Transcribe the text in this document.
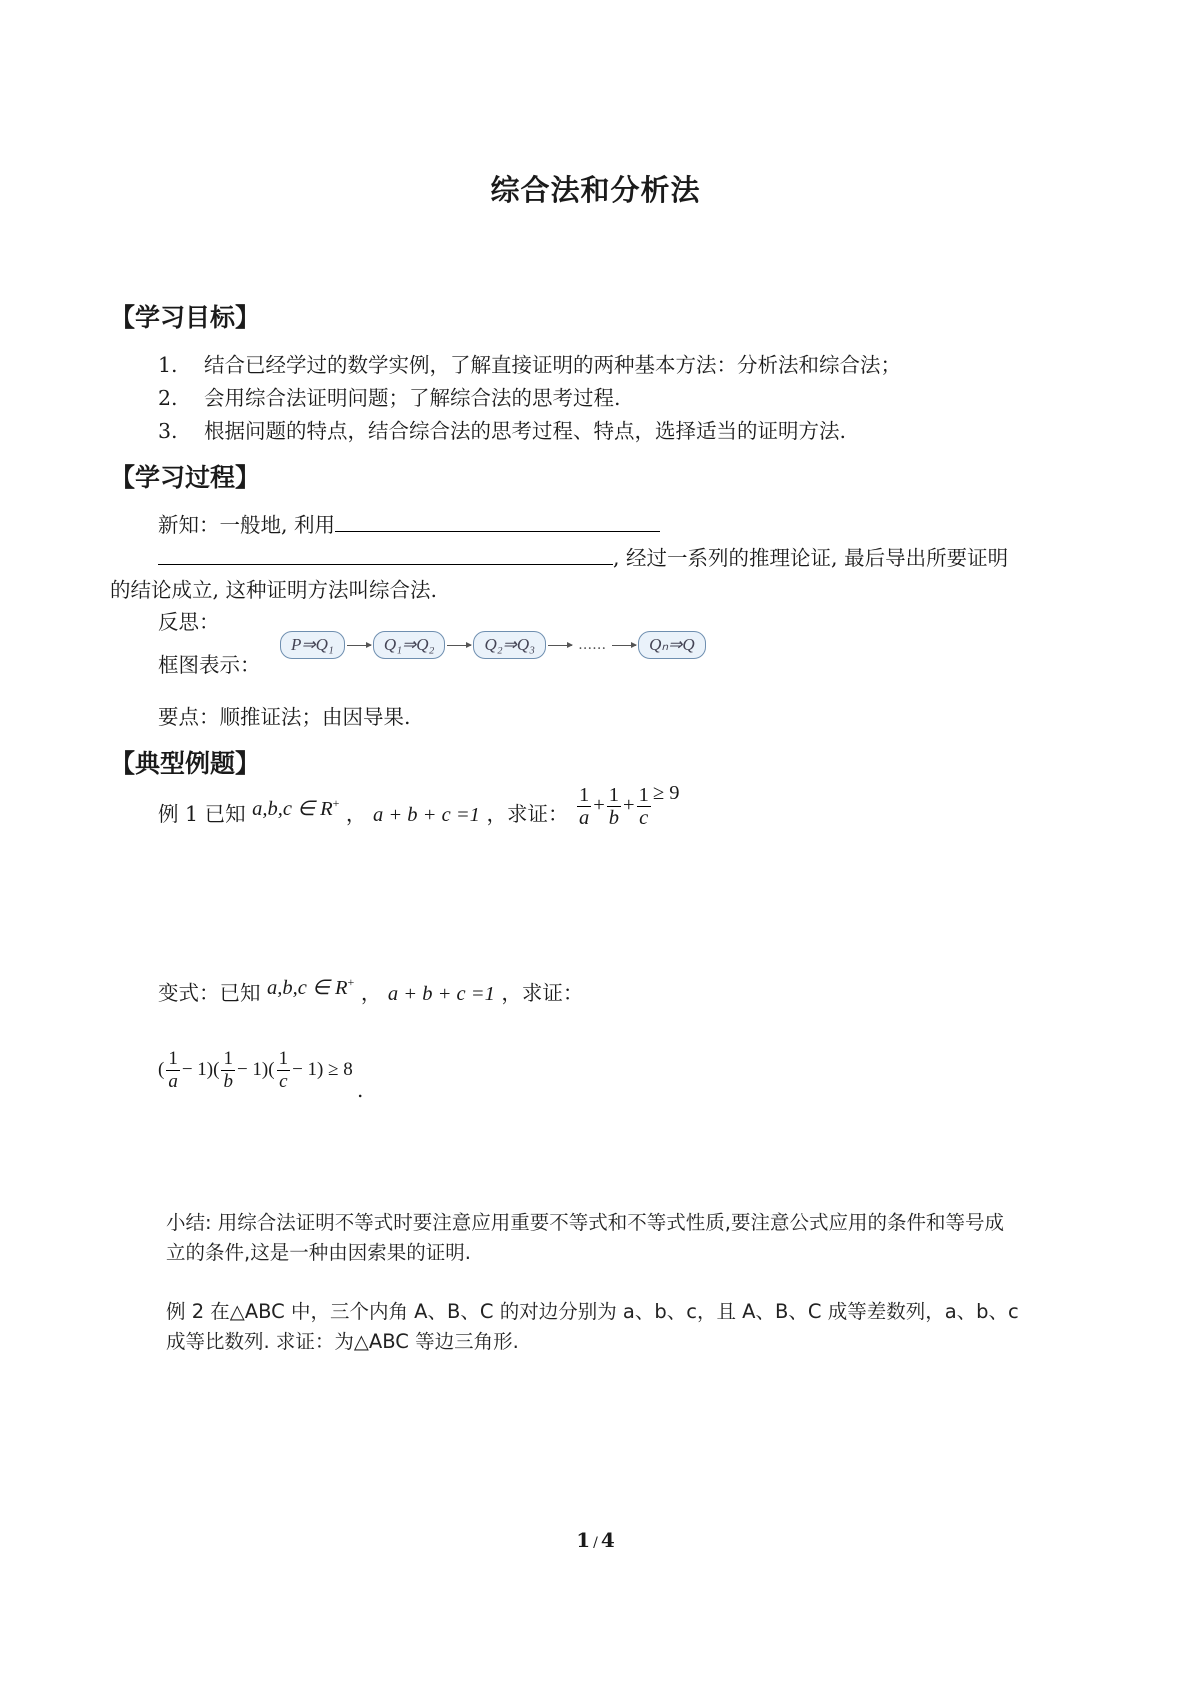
综合法和分析法
【学习目标】
1. 结合已经学过的数学实例，了解直接证明的两种基本方法：分析法和综合法；
2. 会用综合法证明问题；了解综合法的思考过程.
3. 根据问题的特点，结合综合法的思考过程、特点，选择适当的证明方法.
【学习过程】
新知：一般地, 利用
, 经过一系列的推理论证, 最后导出所要证明
的结论成立, 这种证明方法叫综合法.
反思：
框图表示：
P⇒Q₁	Q₁⇒Q₂	Q₂⇒Q₃	……	Qₙ⇒Q
要点：顺推证法；由因导果.
【典型例题】
例 1 已知 a,b,c ∈ R+ ， a + b + c =1 ，求证： $\frac{1}{a} + \frac{1}{b} + \frac{1}{c} \ge 9$
变式：已知 a,b,c ∈ R+ ， a + b + c =1 ，求证：
( $\frac{1}{a} - 1)( \frac{1}{b} - 1)( \frac{1}{c} - 1) \ge 8$
.
小结: 用综合法证明不等式时要注意应用重要不等式和不等式性质,要注意公式应用的条件和等号成
立的条件,这是一种由因索果的证明.
例 2 在△ABC 中，三个内角 A、B、C 的对边分别为 a、b、c，且 A、B、C 成等差数列，a、b、c
成等比数列. 求证：为△ABC 等边三角形.
1 / 4
